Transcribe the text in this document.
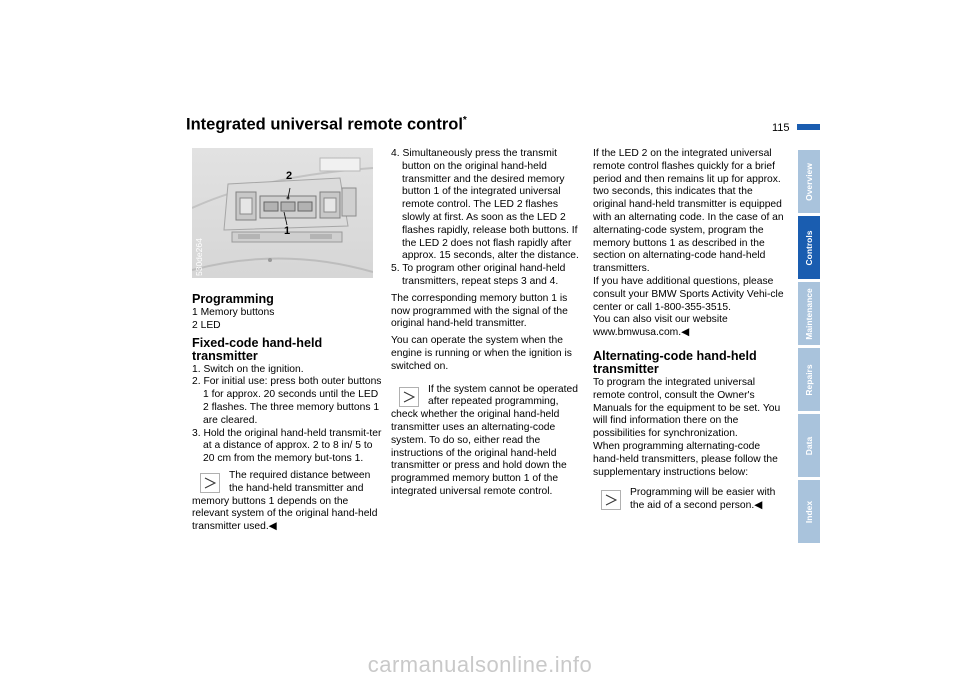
Integrated universal remote control*
115
Overview
Controls
Maintenance
Repairs
Data
Index
2
1
530de264
Programming
1 Memory buttons

2 LED

Fixed-code hand-held transmitter
1. Switch on the ignition.
2. For initial use: press both outer buttons 1 for approx. 20 seconds until the LED 2 flashes. The three memory buttons 1 are cleared.

3. Hold the original hand-held transmit-ter at a distance of approx. 2 to 8 in/ 5 to 20 cm from the memory but-tons 1.

The required distance between the hand-held transmitter and
memory buttons 1 depends on the relevant system of the original hand-held transmitter used.◀
4. Simultaneously press the transmit button on the original hand-held transmitter and the desired memory button 1 of the integrated universal remote control. The LED 2 flashes slowly at first. As soon as the LED 2 flashes rapidly, release both buttons. If the LED 2 does not flash rapidly after approx. 15 seconds, alter the distance.

5. To program other original hand-held transmitters, repeat steps 3 and 4.

The corresponding memory button 1 is now programmed with the signal of the original hand-held transmitter.

You can operate the system when the engine is running or when the ignition is switched on.

If the system cannot be operated after repeated programming,
check whether the original hand-held transmitter uses an alternating-code system. To do so, either read the instructions of the original hand-held transmitter or press and hold down the programmed memory button 1 of the integrated universal remote control.
If the LED 2 on the integrated universal remote control flashes quickly for a brief period and then remains lit up for approx. two seconds, this indicates that the original hand-held transmitter is equipped with an alternating code. In the case of an alternating-code system, program the memory buttons 1 as described in the section on alternating-code hand-held transmitters.
If you have additional questions, please consult your BMW Sports Activity Vehi-cle center or call 1-800-355-3515.

You can also visit our website www.bmwusa.com.◀

Alternating-code hand-held transmitter
To program the integrated universal remote control, consult the Owner's Manuals for the equipment to be set. You will find information there on the possibilities for synchronization.

When programming alternating-code hand-held transmitters, please follow the supplementary instructions below:

Programming will be easier with the aid of a second person.◀
carmanualsonline.info
